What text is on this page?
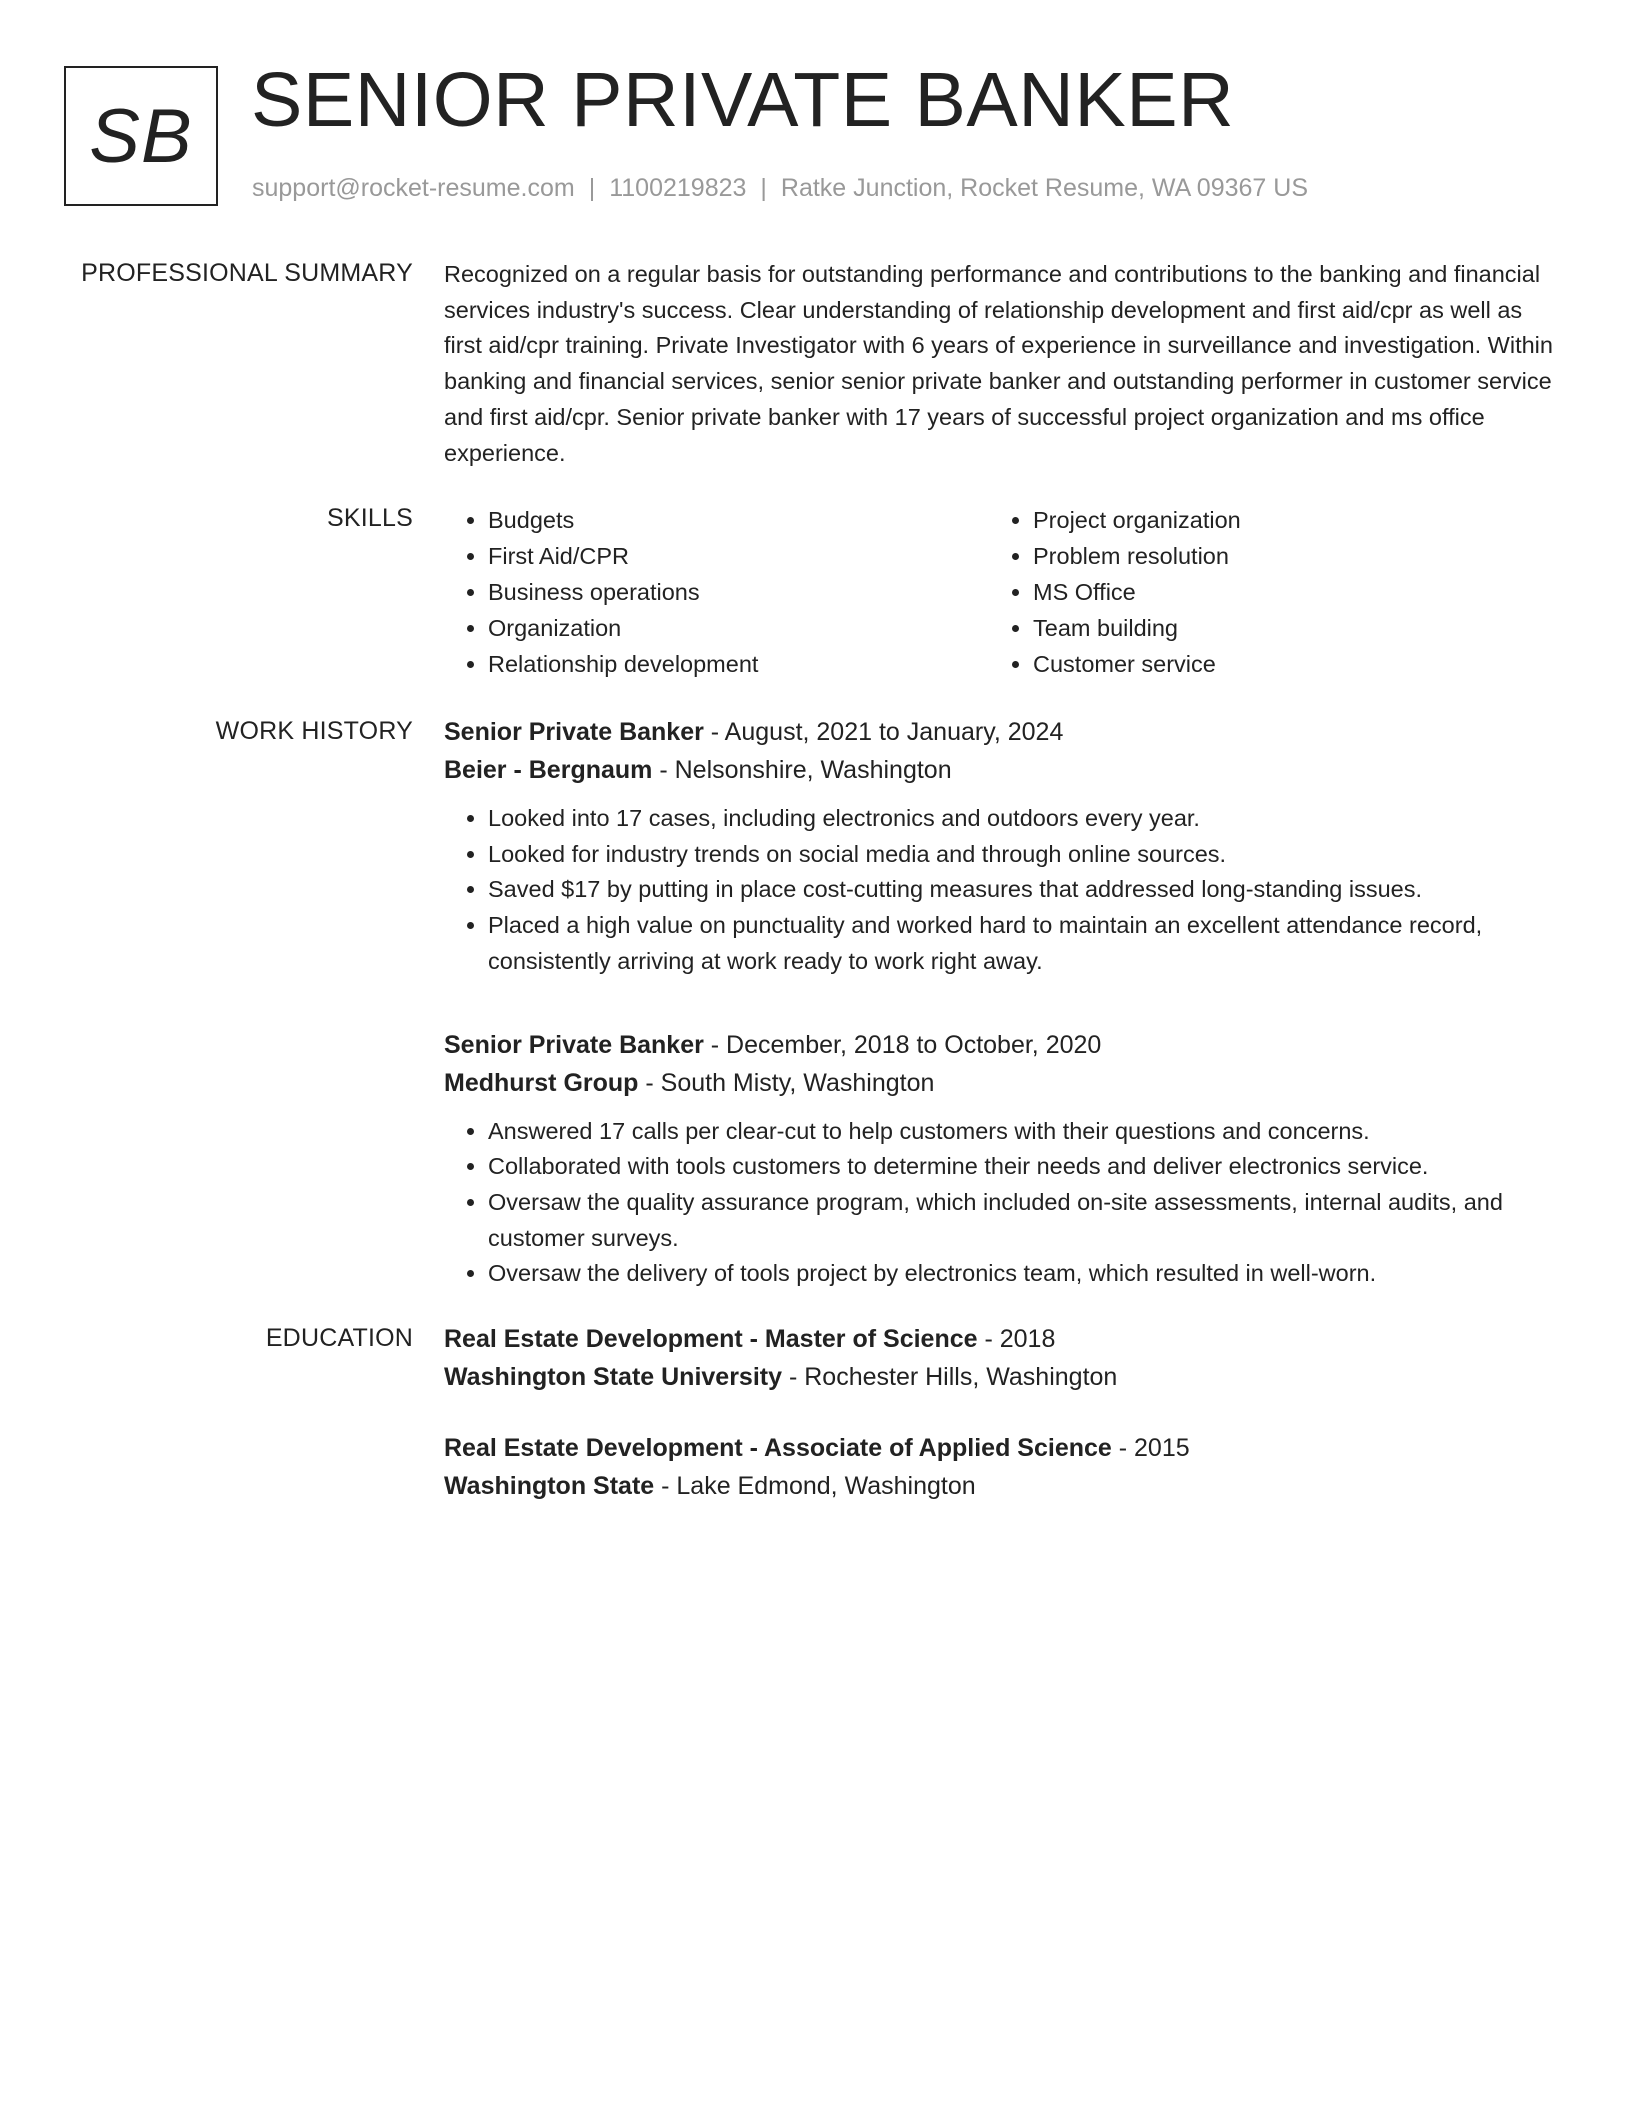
SB SENIOR PRIVATE BANKER
support@rocket-resume.com | 1100219823 | Ratke Junction, Rocket Resume, WA 09367 US
PROFESSIONAL SUMMARY Recognized on a regular basis for outstanding performance and contributions to the banking and financial services industry's success. Clear understanding of relationship development and first aid/cpr as well as first aid/cpr training. Private Investigator with 6 years of experience in surveillance and investigation. Within banking and financial services, senior senior private banker and outstanding performer in customer service and first aid/cpr. Senior private banker with 17 years of successful project organization and ms office experience.

SKILLS
•	Budgets
• First Aid/CPR
• Business operations
• Organization
• Relationship development
• Project organization
• Problem resolution
• MS Office
• Team building
• Customer service
WORK HISTORY Senior Private Banker - August, 2021 to January, 2024
Beier - Bergnaum - Nelsonshire, Washington
• Looked into 17 cases, including electronics and outdoors every year.
• Looked for industry trends on social media and through online sources.
• Saved $17 by putting in place cost-cutting measures that addressed long-standing issues.
• Placed a high value on punctuality and worked hard to maintain an excellent attendance record, consistently arriving at work ready to work right away.
Senior Private Banker - December, 2018 to October, 2020
Medhurst Group - South Misty, Washington
• Answered 17 calls per clear-cut to help customers with their questions and concerns.
• Collaborated with tools customers to determine their needs and deliver electronics service.
• Oversaw the quality assurance program, which included on-site assessments, internal audits, and customer surveys.
• Oversaw the delivery of tools project by electronics team, which resulted in well-worn.
EDUCATION Real Estate Development - Master of Science - 2018
Washington State University - Rochester Hills, Washington
Real Estate Development - Associate of Applied Science - 2015
Washington State - Lake Edmond, Washington
